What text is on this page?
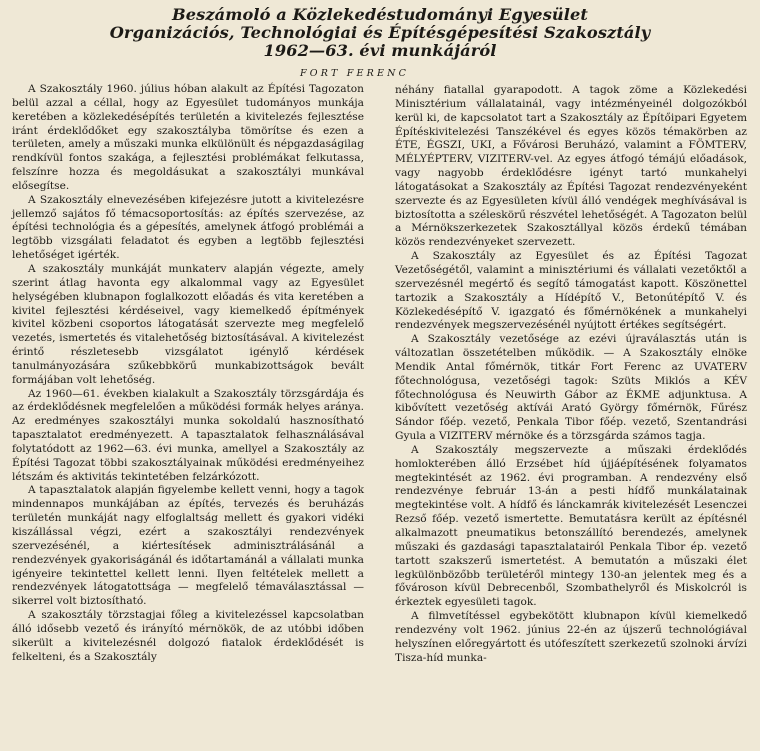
Beszámoló a Közlekedéstudományi Egyesület
Organizációs, Technológiai és Építésgépesítési Szakosztály
1962—63. évi munkájáról
FORT FERENC

A Szakosztály 1960. július hóban alakult az Építési Tagozaton belül azzal a céllal, hogy az Egyesület tudományos munkája keretében a közlekedésépítés területén a kivitelezés fejlesztése iránt érdeklődőket egy szakosztályba tömörítse és ezen a területen, amely a műszaki munka elkülönült és népgazdaságilag rendkívül fontos szakága, a fejlesztési problémákat felkutassa, felszínre hozza és megoldásukat a szakosztályi munkával elősegítse.

A Szakosztály elnevezésében kifejezésre jutott a kivitelezésre jellemző sajátos fő témacsoportosítás: az építés szervezése, az építési technológia és a gépesítés, amelynek átfogó problémái a legtöbb vizsgálati feladatot és egyben a legtöbb fejlesztési lehetőséget igérték.

A szakosztály munkáját munkaterv alapján végezte, amely szerint átlag havonta egy alkalommal vagy az Egyesület helységében klubnapon foglalkozott előadás és vita keretében a kivitel fejlesztési kérdéseivel, vagy kiemelkedő építmények kivitel közbeni csoportos látogatását szervezte meg megfelelő vezetés, ismertetés és vitalehetőség biztosításával. A kivitelezést érintő részletesebb vizsgálatot igénylő kérdések tanulmányozására szűkebbkörű munkabizottságok bevált formájában volt lehetőség.

Az 1960—61. években kialakult a Szakosztály törzsgárdája és az érdeklődésnek megfelelően a működési formák helyes aránya. Az eredményes szakosztályi munka sokoldalú hasznosítható tapasztalatot eredményezett. A tapasztalatok felhasználásával folytatódott az 1962—63. évi munka, amellyel a Szakosztály az Építési Tagozat többi szakosztályainak működési eredményeihez létszám és aktivitás tekintetében felzárkózott.

A tapasztalatok alapján figyelembe kellett venni, hogy a tagok mindennapos munkájában az építés, tervezés és beruházás területén munkáját nagy elfoglaltság mellett és gyakori vidéki kiszállással végzi, ezért a szakosztályi rendezvények szervezésénél, a kiértesítések adminisztrálásánál a rendezvények gyakoriságánál és időtartamánál a vállalati munka igényeire tekintettel kellett lenni. Ilyen feltételek mellett a rendezvények látogatottsága — megfelelő témaválasztással — sikerrel volt biztosítható.

A szakosztály törzstagjai főleg a kivitelezéssel kapcsolatban álló idősebb vezető és irányító mérnökök, de az utóbbi időben sikerült a kivitelezésnél dolgozó fiatalok érdeklődését is felkelteni, és a Szakosztály

néhány fiatallal gyarapodott. A tagok zöme a Közlekedési Minisztérium vállalatainál, vagy intézményeinél dolgozókból kerül ki, de kapcsolatot tart a Szakosztály az Építőipari Egyetem Építéskivitelezési Tanszékével és egyes közös témakörben az ÉTE, ÉGSZI, UKI, a Fővárosi Beruházó, valamint a FÖMTERV, MÉLYÉPTERV, VIZITERV-vel. Az egyes átfogó témájú előadások, vagy nagyobb érdeklődésre igényt tartó munkahelyi látogatásokat a Szakosztály az Építési Tagozat rendezvényeként szervezte és az Egyesületen kívül álló vendégek meghívásával is biztosította a széleskörű részvétel lehetőségét. A Tagozaton belül a Mérnökszerkezetek Szakosztállyal közös érdekű témában közös rendezvényeket szervezett.

A Szakosztály az Egyesület és az Építési Tagozat Vezetőségétől, valamint a minisztériumi és vállalati vezetőktől a szervezésnél megértő és segítő támogatást kapott. Köszönettel tartozik a Szakosztály a Hídépítő V., Betonútépítő V. és Közlekedésépítő V. igazgató és főmérnökének a munkahelyi rendezvények megszervezésénél nyújtott értékes segítségért.

A Szakosztály vezetősége az ezévi újraválasztás után is változatlan összetételben működik. — A Szakosztály elnöke Mendik Antal főmérnök, titkár Fort Ferenc az UVATERV főtechnológusa, vezetőségi tagok: Szüts Miklós a KÉV főtechnológusa és Neuwirth Gábor az ÉKME adjunktusa. A kibővített vezetőség aktívái Arató György főmérnök, Fűrész Sándor főép. vezető, Penkala Tibor főép. vezető, Szentandrási Gyula a VIZITERV mérnöke és a törzsgárda számos tagja.

A Szakosztály megszervezte a műszaki érdeklődés homlokterében álló Erzsébet híd újjáépítésének folyamatos megtekintését az 1962. évi programban. A rendezvény első rendezvénye február 13-án a pesti hídfő munkálatainak megtekintése volt. A hídfő és lánckamrák kivitelezését Lesenczei Rezső főép. vezető ismertette. Bemutatásra került az építésnél alkalmazott pneumatikus betonszállító berendezés, amelynek műszaki és gazdasági tapasztalatairól Penkala Tibor ép. vezető tartott szakszerű ismertetést. A bemutatón a műszaki élet legkülönbözőbb területéről mintegy 130-an jelentek meg és a fővároson kívül Debrecenből, Szombathelyről és Miskolcról is érkeztek egyesületi tagok.

A filmvetítéssel egybekötött klubnapon kívül kiemelkedő rendezvény volt 1962. június 22-én az újszerű technológiával helyszínen előregyártott és utófeszített szerkezetű szolnoki árvízi Tisza-híd munka-
